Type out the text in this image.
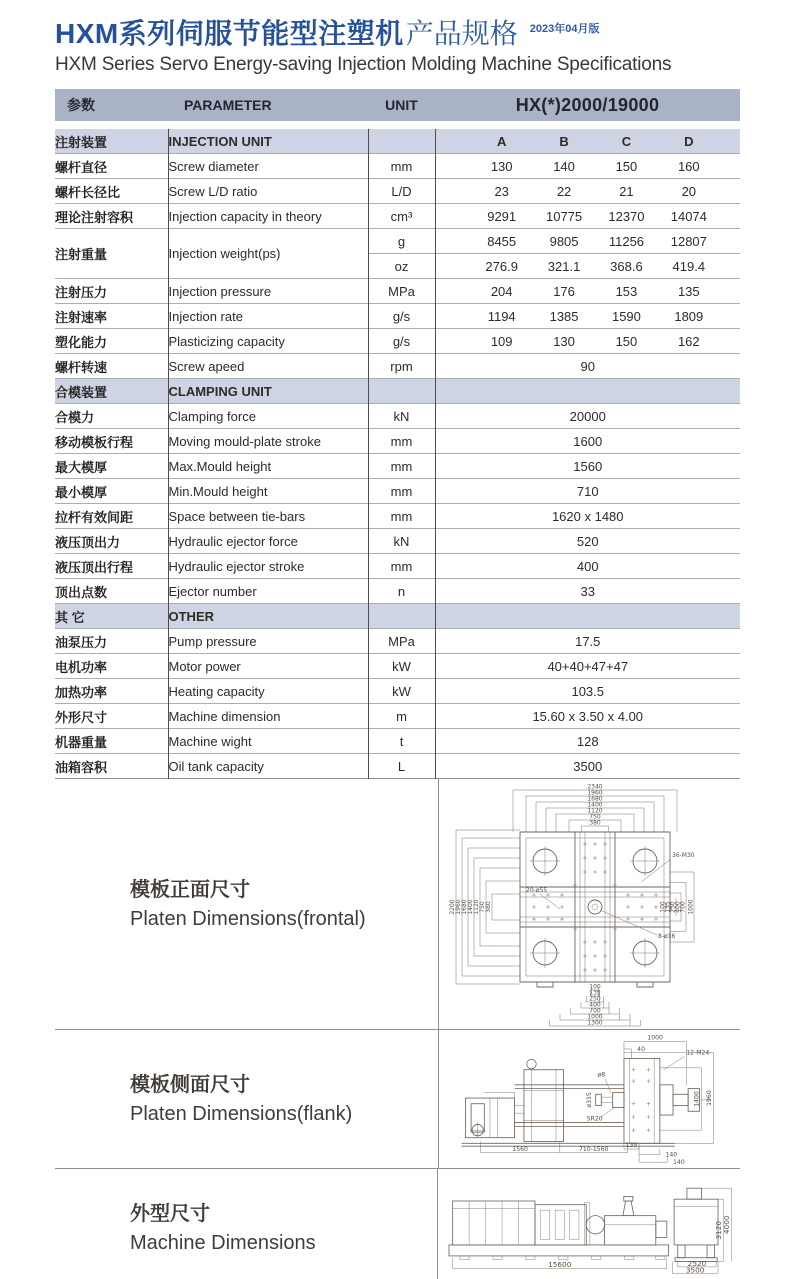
HXM系列伺服节能型注塑机 产品规格 2023年04月版
HXM Series Servo Energy-saving Injection Molding Machine Specifications
参数	PARAMETER	UNIT	HX(*)2000/19000
注射装置	INJECTION UNIT		A B C D

螺杆直径	Screw diameter	mm	130 140 150 160

螺杆长径比	Screw L/D ratio	L/D	23 22 21 20

理论注射容积	Injection capacity in theory	cm³	9291 10775 12370 14074

注射重量	Injection weight(ps)	g	8455 9805 11256 12807

		oz	276.9 321.1 368.6 419.4

注射压力	Injection pressure	MPa	204 176 153 135

注射速率	Injection rate	g/s	1194 1385 1590 1809

塑化能力	Plasticizing capacity	g/s	109 130 150 162

螺杆转速	Screw apeed	rpm	90
合模装置	CLAMPING UNIT		
合模力	Clamping force	kN	20000
移动模板行程	Moving mould-plate stroke	mm	1600
最大模厚	Max.Mould height	mm	1560
最小模厚	Min.Mould height	mm	710
拉杆有效间距	Space between tie-bars	mm	1620 x 1480
液压顶出力	Hydraulic ejector force	kN	520
液压顶出行程	Hydraulic ejector stroke	mm	400
顶出点数	Ejector number	n	33
其 它	OTHER		
油泵压力	Pump pressure	MPa	17.5
电机功率	Motor power	kW	40+40+47+47
加热功率	Heating capacity	kW	103.5
外形尺寸	Machine dimension	m	15.60 x 3.50 x 4.00
机器重量	Machine wight	t	128
油箱容积	Oil tank capacity	L	3500
模板正面尺寸
Platen Dimensions(frontal)
2340
1960
1680
1400
1120
750
380
2200 1960 1680 1400 1120 750 380	100
135
250
400
700 1000
100
135
250
400
700
1000
1300
36-M30
20-ø55
8-ø36
模板侧面尺寸
Platen Dimensions(flank)
1000
40
12-M24
ø8
ø315
SR20
1400 1960
135
1560	710-1560
140
140
外型尺寸
Machine Dimensions
15600
3120 4000
2520
3500
